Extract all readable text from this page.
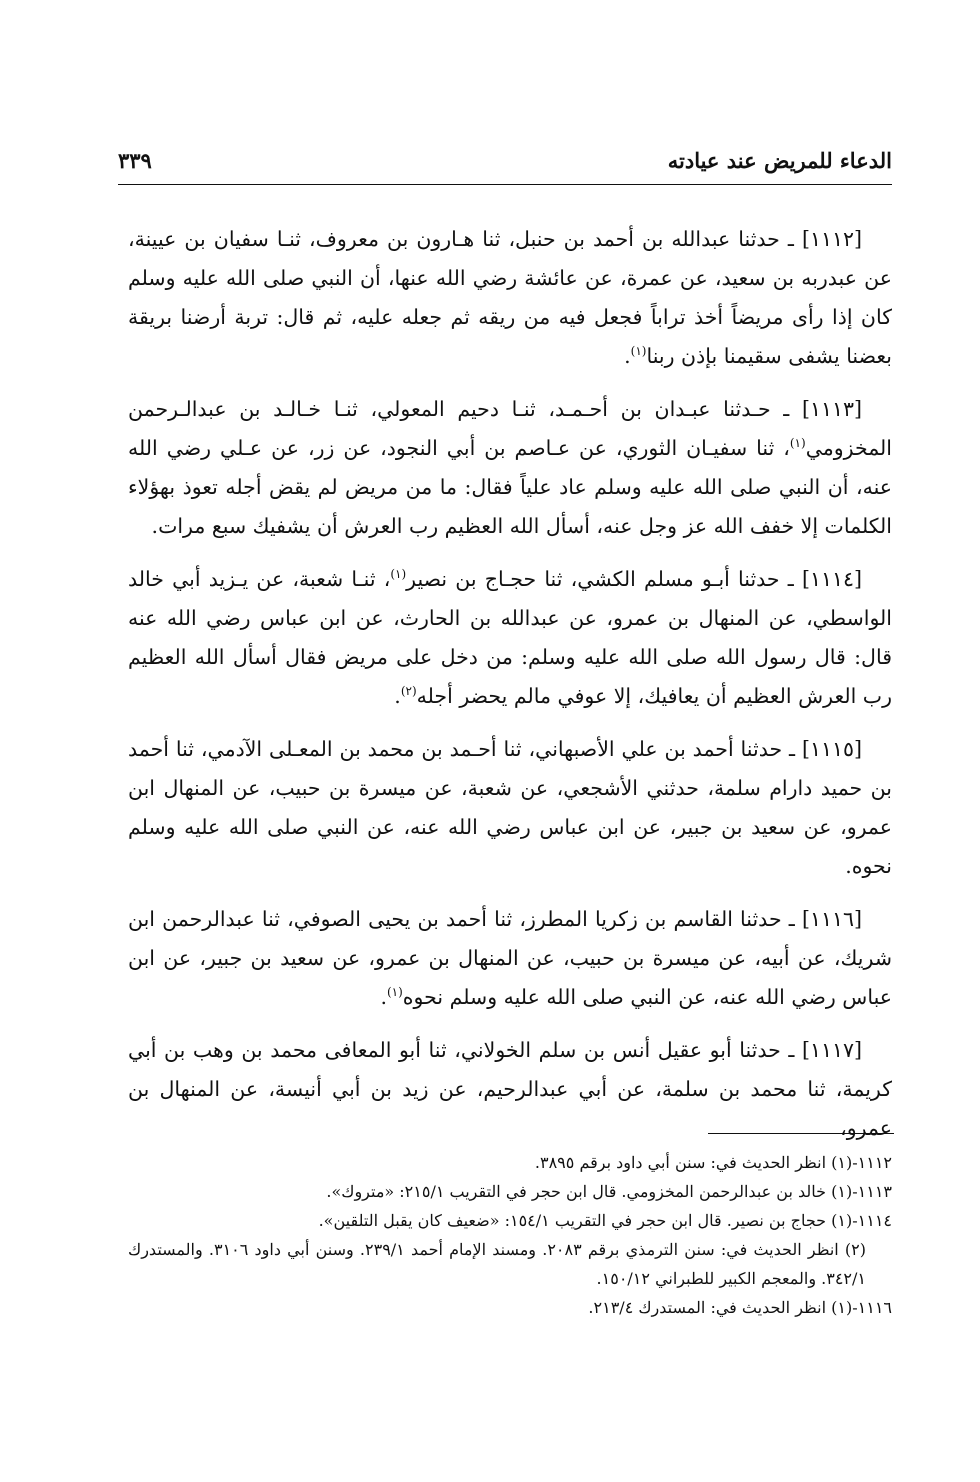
الدعاء للمريض عند عيادته
٣٣٩

[١١١٢] ـ حدثنا عبدالله بن أحمد بن حنبل، ثنا هـارون بن معروف، ثنـا سفيان بن عيينة، عن عبدربه بن سعيد، عن عمرة، عن عائشة رضي الله عنها، أن النبي صلى الله عليه وسلم كان إذا رأى مريضاً أخذ تراباً فجعل فيه من ريقه ثم جعله عليه، ثم قال: تربة أرضنا بريقة بعضنا يشفى سقيمنا بإذن ربنا$^{(١)}$.

[١١١٣] ـ حـدثنا عبـدان بن أحـمـد، ثنـا دحيم المعولي، ثنـا خـالـد بن عبدالـرحمن المخزومي$^{(١)}$، ثنا سفيـان الثوري، عن عـاصم بن أبي النجود، عن زر، عن عـلي رضي الله عنه، أن النبي صلى الله عليه وسلم عاد علياً فقال: ما من مريض لم يقض أجله تعوذ بهؤلاء الكلمات إلا خفف الله عز وجل عنه، أسأل الله العظيم رب العرش أن يشفيك سبع مرات.

[١١١٤] ـ حدثنا أبـو مسلم الكشي، ثنا حجـاج بن نصير$^{(١)}$، ثنـا شعبة، عن يـزيد أبي خالد الواسطي، عن المنهال بن عمرو، عن عبدالله بن الحارث، عن ابن عباس رضي الله عنه قال: قال رسول الله صلى الله عليه وسلم: من دخل على مريض فقال أسأل الله العظيم رب العرش العظيم أن يعافيك، إلا عوفي مالم يحضر أجله$^{(٢)}$.

[١١١٥] ـ حدثنا أحمد بن علي الأصبهاني، ثنا أحـمد بن محمد بن المعـلى الآدمي، ثنا أحمد بن حميد دارام سلمة، حدثني الأشجعي، عن شعبة، عن ميسرة بن حبيب، عن المنهال ابن عمرو، عن سعيد بن جبير، عن ابن عباس رضي الله عنه، عن النبي صلى الله عليه وسلم نحوه.

[١١١٦] ـ حدثنا القاسم بن زكريا المطرز، ثنا أحمد بن يحيى الصوفي، ثنا عبدالرحمن ابن شريك، عن أبيه، عن ميسرة بن حبيب، عن المنهال بن عمرو، عن سعيد بن جبير، عن ابن عباس رضي الله عنه، عن النبي صلى الله عليه وسلم نحوه$^{(١)}$.

[١١١٧] ـ حدثنا أبو عقيل أنس بن سلم الخولاني، ثنا أبو المعافى محمد بن وهب بن أبي كريمة، ثنا محمد بن سلمة، عن أبي عبدالرحيم، عن زيد بن أبي أنيسة، عن المنهال بن عمرو،

١١١٢-(١) انظر الحديث في: سنن أبي داود برقم ٣٨٩٥.

١١١٣-(١) خالد بن عبدالرحمن المخزومي. قال ابن حجر في التقريب ٢١٥/١: «متروك».

١١١٤-(١) حجاج بن نصير. قال ابن حجر في التقريب ١٥٤/١: «ضعيف كان يقبل التلقين».

(٢) انظر الحديث في: سنن الترمذي برقم ٢٠٨٣. ومسند الإمام أحمد ٢٣٩/١. وسنن أبي داود ٣١٠٦. والمستدرك ٣٤٢/١. والمعجم الكبير للطبراني ١٥٠/١٢.

١١١٦-(١) انظر الحديث في: المستدرك ٢١٣/٤.
